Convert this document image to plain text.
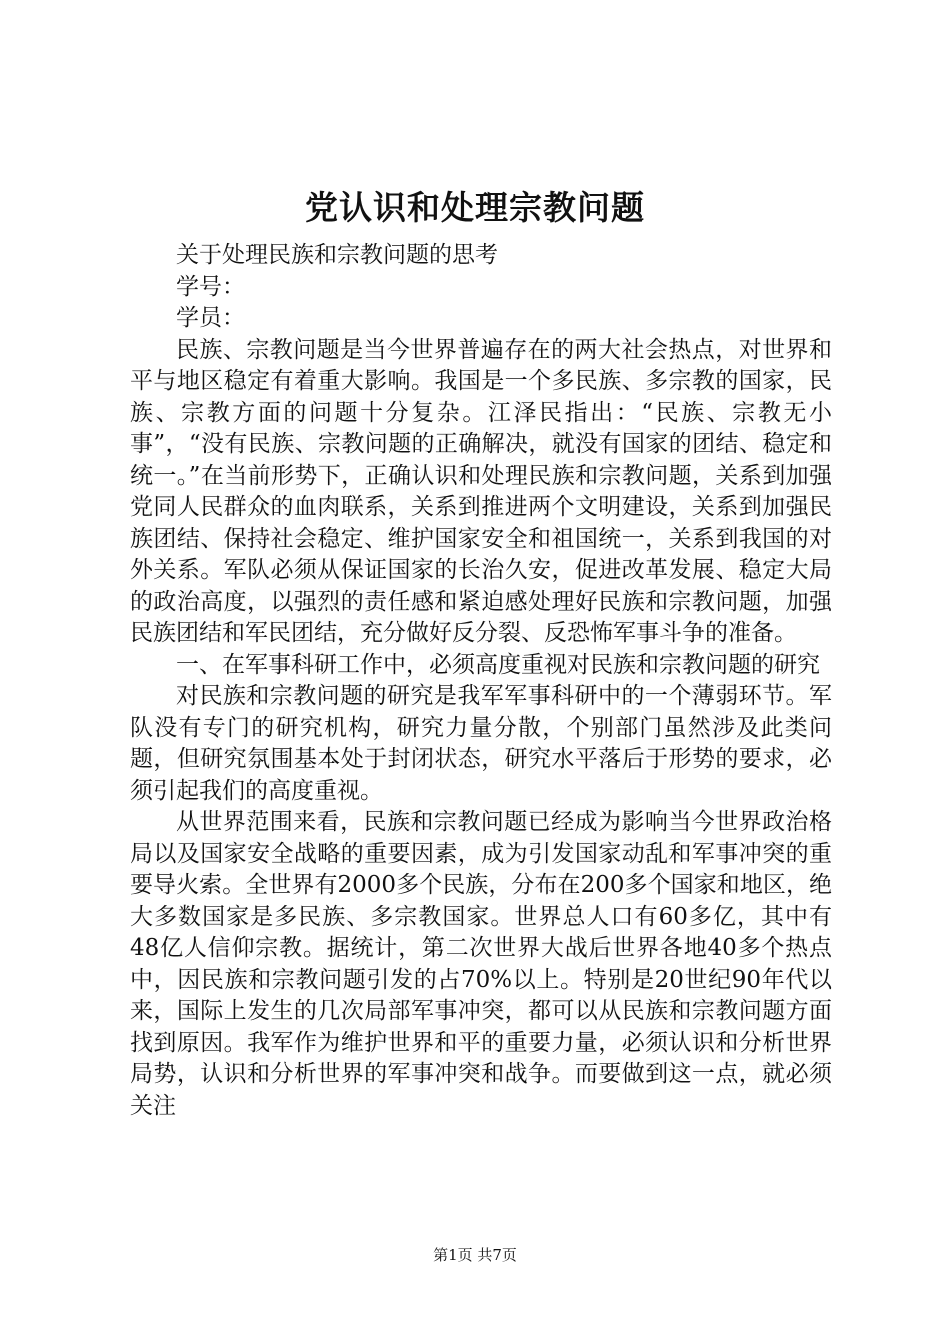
党认识和处理宗教问题

关于处理民族和宗教问题的思考

学号：

学员：

民族、宗教问题是当今世界普遍存在的两大社会热点，对世界和平与地区稳定有着重大影响。我国是一个多民族、多宗教的国家，民族、宗教方面的问题十分复杂。江泽民指出：“民族、宗教无小事”，“没有民族、宗教问题的正确解决，就没有国家的团结、稳定和统一。”在当前形势下，正确认识和处理民族和宗教问题，关系到加强党同人民群众的血肉联系，关系到推进两个文明建设，关系到加强民族团结、保持社会稳定、维护国家安全和祖国统一，关系到我国的对外关系。军队必须从保证国家的长治久安，促进改革发展、稳定大局的政治高度，以强烈的责任感和紧迫感处理好民族和宗教问题，加强民族团结和军民团结，充分做好反分裂、反恐怖军事斗争的准备。

一、在军事科研工作中，必须高度重视对民族和宗教问题的研究

对民族和宗教问题的研究是我军军事科研中的一个薄弱环节。军队没有专门的研究机构，研究力量分散，个别部门虽然涉及此类问题，但研究氛围基本处于封闭状态，研究水平落后于形势的要求，必须引起我们的高度重视。

从世界范围来看，民族和宗教问题已经成为影响当今世界政治格局以及国家安全战略的重要因素，成为引发国家动乱和军事冲突的重要导火索。全世界有2000多个民族，分布在200多个国家和地区，绝大多数国家是多民族、多宗教国家。世界总人口有60多亿，其中有48亿人信仰宗教。据统计，第二次世界大战后世界各地40多个热点中，因民族和宗教问题引发的占70%以上。特别是20世纪90年代以来，国际上发生的几次局部军事冲突，都可以从民族和宗教问题方面找到原因。我军作为维护世界和平的重要力量，必须认识和分析世界局势，认识和分析世界的军事冲突和战争。而要做到这一点，就必须关注

第1页 共7页
